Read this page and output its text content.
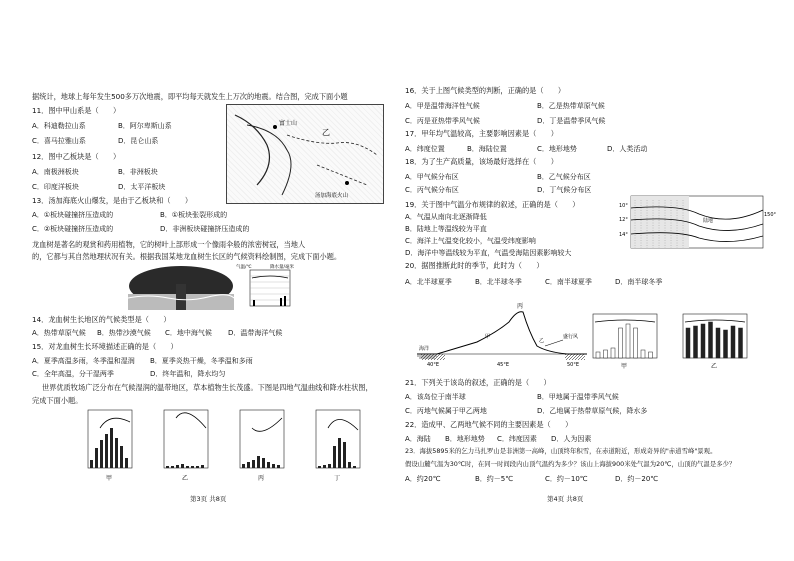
据统计，地球上每年发生500多万次地震，即平均每天就发生上万次的地震。结合图，完成下面小题
11．图中甲山系是（　　）
A．科迪勒拉山系	B．阿尔卑斯山系
C．喜马拉雅山系	D．昆仑山系
12．图中乙板块是（　　）
A．南极洲板块	B．非洲板块
C．印度洋板块	D．太平洋板块
13．汤加海底火山爆发，是由于乙板块和（　　）
A．①板块碰撞挤压造成的	B．①板块张裂形成的
C．②板块碰撞挤压造成的	D．非洲板块碰撞挤压造成的
富士山
乙
汤加海底火山
龙血树是著名的观赏和药用植物，它的树叶上部形成一个像雨伞般的浓密树冠，当地人
的，它都与其自然地理状况有关。根据我国某地龙血树生长区的气候资料绘制图，完成下面小题。
气温/℃	降水量/毫米
14．龙血树生长地区的气候类型是（　　）
A．热带草原气候 B．热带沙漠气候 C．地中海气候 D．温带海洋气候
15．对龙血树生长环境描述正确的是（　　）
A．夏季高温多雨，冬季温和湿润 B．夏季炎热干燥，冬季温和多雨
C．全年高温，分干湿两季	D．终年温和，降水均匀
世界优质牧场广泛分布在气候湿润的温带地区，草本植物生长茂盛。下图是四地气温曲线和降水柱状图，
完成下面小题。
甲	乙	丙	丁
第3页 共8页
16．关于上图气候类型的判断，正确的是（　　）
A．甲是温带海洋性气候	B．乙是热带草原气候
C．丙是亚热带季风气候	D．丁是温带季风气候
17．甲年均气温较高，主要影响因素是（　　）
A．纬度位置	B．海陆位置	C．地形地势	D．人类活动
18．为了生产高质量，该场最好选择在（　　）
A．甲气候分布区	B．乙气候分布区
C．丙气候分布区	D．丁气候分布区
10°
12°
14°
150°
陆地
19．关于图中气温分布规律的叙述，正确的是（　　）
A．气温从南向北逐渐降低
B．陆地上等温线较为平直
C．海洋上气温变化较小，气温受纬度影响
D．海洋中等温线较为平直，气温受海陆因素影响较大
20．据图推断此时的季节，此时为（　　）
A．北半球夏季	B．北半球冬季	C．南半球夏季	D．南半球冬季
丙
海洋
盛行风
40°E	45°E	50°E
甲
乙
甲	乙
21．下列关于该岛的叙述，正确的是（　　）
A．该岛位于南半球	B．甲地属于温带季风气候
C．丙地气候属于甲乙两地	D．乙地属于热带草原气候，降水多
22．造成甲、乙两地气候不同的主要因素是（　　）
A．海陆 B．地形地势 C．纬度因素 D．人为因素
23．海拔5895米的乞力马扎罗山是非洲第一高峰，山顶终年积雪，在赤道附近，形成奇异的"赤道雪峰"景观。
假设山麓气温为30℃时，在同一时间段内山顶气温约为多少？该山上海拔900米处气温为20℃，山顶的气温是多少？
A．约20℃	B．约－5℃	C．约－10℃	D．约－20℃
第4页 共8页
